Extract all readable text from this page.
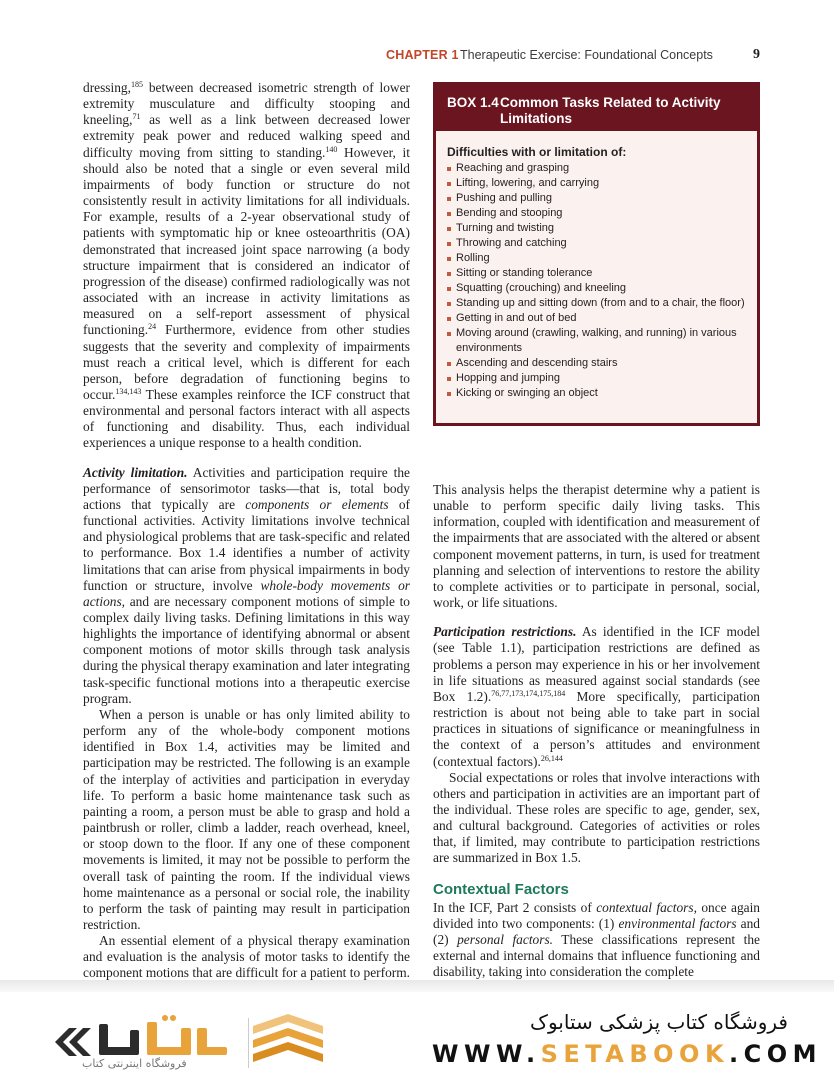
CHAPTER 1 Therapeutic Exercise: Foundational Concepts	9

dressing,$^{185}$ between decreased isometric strength of lower extremity musculature and difficulty stooping and kneeling,$^{71}$ as well as a link between decreased lower extremity peak power and reduced walking speed and difficulty moving from sitting to standing.$^{140}$ However, it should also be noted that a single or even several mild impairments of body function or structure do not consistently result in activity limitations for all individuals. For example, results of a 2-year observational study of patients with symptomatic hip or knee osteoarthritis (OA) demonstrated that increased joint space narrowing (a body structure impairment that is considered an indicator of progression of the disease) confirmed radiologically was not associated with an increase in activity limitations as measured on a self-report assessment of physical functioning.$^{24}$ Furthermore, evidence from other studies suggests that the severity and complexity of impairments must reach a critical level, which is different for each person, before degradation of functioning begins to occur.$^{134,143}$ These examples reinforce the ICF construct that environmental and personal factors interact with all aspects of functioning and disability. Thus, each individual experiences a unique response to a health condition.

Activity limitation. Activities and participation require the performance of sensorimotor tasks—that is, total body actions that typically are components or elements of functional activities. Activity limitations involve technical and physiological problems that are task-specific and related to performance. Box 1.4 identifies a number of activity limitations that can arise from physical impairments in body function or structure, involve whole-body movements or actions, and are necessary component motions of simple to complex daily living tasks. Defining limitations in this way highlights the importance of identifying abnormal or absent component motions of motor skills through task analysis during the physical therapy examination and later integrating task-specific functional motions into a therapeutic exercise program.

When a person is unable or has only limited ability to perform any of the whole-body component motions identified in Box 1.4, activities may be limited and participation may be restricted. The following is an example of the interplay of activities and participation in everyday life. To perform a basic home maintenance task such as painting a room, a person must be able to grasp and hold a paintbrush or roller, climb a ladder, reach overhead, kneel, or stoop down to the floor. If any one of these component movements is limited, it may not be possible to perform the overall task of painting the room. If the individual views home maintenance as a personal or social role, the inability to perform the task of painting may result in participation restriction.

An essential element of a physical therapy examination and evaluation is the analysis of motor tasks to identify the component motions that are difficult for a patient to perform.

BOX 1.4 Common Tasks Related to Activity Limitations
Difficulties with or limitation of:
Reaching and grasping
Lifting, lowering, and carrying
Pushing and pulling
Bending and stooping
Turning and twisting
Throwing and catching
Rolling
Sitting or standing tolerance
Squatting (crouching) and kneeling
Standing up and sitting down (from and to a chair, the floor)
Getting in and out of bed
Moving around (crawling, walking, and running) in various environments
Ascending and descending stairs
Hopping and jumping
Kicking or swinging an object

This analysis helps the therapist determine why a patient is unable to perform specific daily living tasks. This information, coupled with identification and measurement of the impairments that are associated with the altered or absent component movement patterns, in turn, is used for treatment planning and selection of interventions to restore the ability to complete activities or to participate in personal, social, work, or life situations.

Participation restrictions. As identified in the ICF model (see Table 1.1), participation restrictions are defined as problems a person may experience in his or her involvement in life situations as measured against social standards (see Box 1.2).$^{76,77,173,174,175,184}$ More specifically, participation restriction is about not being able to take part in social practices in situations of significance or meaningfulness in the context of a person’s attitudes and environment (contextual factors).$^{26,144}$

Social expectations or roles that involve interactions with others and participation in activities are an important part of the individual. These roles are specific to age, gender, sex, and cultural background. Categories of activities or roles that, if limited, may contribute to participation restrictions are summarized in Box 1.5.

Contextual Factors

In the ICF, Part 2 consists of contextual factors, once again divided into two components: (1) environmental factors and (2) personal factors. These classifications represent the external and internal domains that influence functioning and disability, taking into consideration the complete

فروشگاه اینترنتی کتاب
فروشگاه کتاب پزشکی ستابوک
WWW.SETABOOK.COM
